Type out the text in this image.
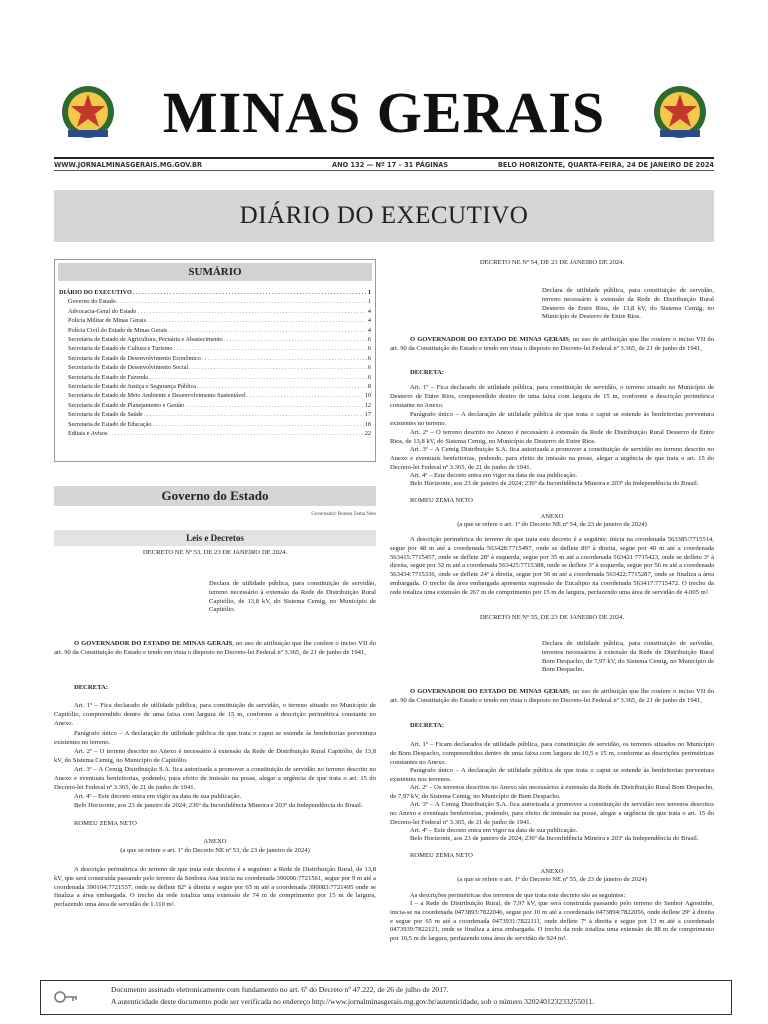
MINAS GERAIS
WWW.JORNALMINASGERAIS.MG.GOV.BR	ANO 132 — Nº 17 – 31 PÁGINAS	BELO HORIZONTE, QUARTA-FEIRA, 24 DE JANEIRO DE 2024
DIÁRIO DO EXECUTIVO
SUMÁRIO
DIÁRIO DO EXECUTIVO . . .	1
Governo do Estado . . .	1
Advocacia-Geral do Estado . . .	4
Polícia Militar de Minas Gerais . . .	4
Polícia Civil do Estado de Minas Gerais . . .	4
Secretaria de Estado de Agricultura, Pecuária e Abastecimento . . .	6
Secretaria de Estado de Cultura e Turismo . . .	6
Secretaria de Estado de Desenvolvimento Econômico . . .	6
Secretaria de Estado de Desenvolvimento Social . . .	6
Secretaria de Estado de Fazenda . . .	6
Secretaria de Estado de Justiça e Segurança Pública . . .	8
Secretaria de Estado de Meio Ambiente e Desenvolvimento Sustentável . . .	10
Secretaria de Estado de Planejamento e Gestão . . .	12
Secretaria de Estado de Saúde . . .	17
Secretaria de Estado de Educação . . .	18
Editais e Avisos . . .	22
Governo do Estado
Governador: Romeu Zema Neto
Leis e Decretos

DECRETO NE Nº 53, DE 23 DE JANEIRO DE 2024.

Declara de utilidade pública, para constituição de servidão, terreno necessário à extensão da Rede de Distribuição Rural Capitólio, de 13,8 kV, do Sistema Cemig, no Município de Capitólio.

O GOVERNADOR DO ESTADO DE MINAS GERAIS, no uso de atribuição que lhe confere o inciso VII do art. 90 da Constituição do Estado e tendo em vista o disposto no Decreto-lei Federal nº 3.365, de 21 de junho de 1941,

DECRETA:

Art. 1º – Fica declarado de utilidade pública, para constituição de servidão, o terreno situado no Município de Capitólio, compreendido dentro de uma faixa com largura de 15 m, conforme a descrição perimétrica constante no Anexo.

Parágrafo único – A declaração de utilidade pública de que trata o caput se estende às benfeitorias porventura existentes no terreno.

Art. 2º – O terreno descrito no Anexo é necessário à extensão da Rede de Distribuição Rural Capitólio, de 13,8 kV, do Sistema Cemig, no Município de Capitólio.

Art. 3º – A Cemig Distribuição S.A. fica autorizada a promover a constituição de servidão no terreno descrito no Anexo e eventuais benfeitorias, podendo, para efeito de imissão na posse, alegar a urgência de que trata o art. 15 do Decreto-lei Federal nº 3.365, de 21 de junho de 1941.

Art. 4º – Este decreto entra em vigor na data de sua publicação.

Belo Horizonte, aos 23 de janeiro de 2024; 236º da Inconfidência Mineira e 203º da Independência do Brasil.

ROMEU ZEMA NETO

ANEXO

(a que se refere o art. 1º do Decreto NE nº 53, de 23 de janeiro de 2024)

A descrição perimétrica do terreno de que trata este decreto é a seguinte: a Rede de Distribuição Rural, de 13,8 kV, que será construída passando pelo terreno da Senhora Ana inicia na coordenada 390096:7721561, segue por 9 m até a coordenada 390104:7721557, onde se deflete 82º à direita e segue por 65 m até a coordenada 390083:7721495 onde se finaliza a área embargada. O trecho da rede totaliza uma extensão de 74 m de comprimento por 15 m de largura, perfazendo uma área de servidão de 1.110 m².

DECRETO NE Nº 54, DE 23 DE JANEIRO DE 2024.

Declara de utilidade pública, para constituição de servidão, terreno necessário à extensão da Rede de Distribuição Rural Desterro de Entre Rios, de 13,8 kV, do Sistema Cemig, no Município de Desterro de Entre Rios.

O GOVERNADOR DO ESTADO DE MINAS GERAIS, no uso de atribuição que lhe confere o inciso VII do art. 90 da Constituição do Estado e tendo em vista o disposto no Decreto-lei Federal nº 3.365, de 21 de junho de 1941,

DECRETA:

Art. 1º – Fica declarado de utilidade pública, para constituição de servidão, o terreno situado no Município de Desterro de Entre Rios, compreendido dentro de uma faixa com largura de 15 m, conforme a descrição perimétrica constante no Anexo.

Parágrafo único – A declaração de utilidade pública de que trata o caput se estende às benfeitorias porventura existentes no terreno.

Art. 2º – O terreno descrito no Anexo é necessário à extensão da Rede de Distribuição Rural Desterro de Entre Rios, de 13,8 kV, do Sistema Cemig, no Município de Desterro de Entre Rios.

Art. 3º – A Cemig Distribuição S.A. fica autorizada a promover a constituição de servidão no terreno descrito no Anexo e eventuais benfeitorias, podendo, para efeito de imissão na posse, alegar a urgência de que trata o art. 15 do Decreto-lei Federal nº 3.365, de 21 de junho de 1941.

Art. 4º – Este decreto entra em vigor na data de sua publicação.

Belo Horizonte, aos 23 de janeiro de 2024; 236º da Inconfidência Mineira e 203º da Independência do Brasil.

ROMEU ZEMA NETO

ANEXO

(a que se refere o art. 1º do Decreto NE nº 54, de 23 de janeiro de 2024)

A descrição perimétrica do terreno de que trata este decreto é a seguinte: inicia na coordenada 563385:7715514, segue por 48 m até a coordenada 563428:7715497, onde se deflete 86º à direita, segue por 40 m até a coordenada 563415:7715457, onde se deflete 28º à esquerda, segue por 35 m até a coordenada 563421:7715423, onde se deflete 3º à direita, segue por 32 m até a coordenada 563425:7715388, onde se deflete 3º à esquerda, segue por 56 m até a coordenada 563434:7715336, onde se deflete 24º à direita, segue por 56 m até a coordenada 563422:7715287, onde se finaliza a área embargada. O trecho da área embargada apresenta supressão de Eucalipto na coordenada 563417:7715472. O trecho da rede totaliza uma extensão de 267 m de comprimento por 15 m de largura, perfazendo uma área de servidão de 4.005 m².

DECRETO NE Nº 55, DE 23 DE JANEIRO DE 2024.

Declara de utilidade pública, para constituição de servidão, terrenos necessários à extensão da Rede de Distribuição Rural Bom Despacho, de 7,97 kV, do Sistema Cemig, no Município de Bom Despacho.

O GOVERNADOR DO ESTADO DE MINAS GERAIS, no uso de atribuição que lhe confere o inciso VII do art. 90 da Constituição do Estado e tendo em vista o disposto no Decreto-lei Federal nº 3.365, de 21 de junho de 1941,

DECRETA:

Art. 1º – Ficam declarados de utilidade pública, para constituição de servidão, os terrenos situados no Município de Bom Despacho, compreendidos dentro de uma faixa com largura de 10,5 e 15 m, conforme as descrições perimétricas constantes no Anexo.

Parágrafo único – A declaração de utilidade pública de que trata o caput se estende às benfeitorias porventura existentes nos terrenos.

Art. 2º – Os terrenos descritos no Anexo são necessários à extensão da Rede de Distribuição Rural Bom Despacho, de 7,97 kV, do Sistema Cemig, no Município de Bom Despacho.

Art. 3º – A Cemig Distribuição S.A. fica autorizada a promover a constituição de servidão nos terrenos descritos no Anexo e eventuais benfeitorias, podendo, para efeito de imissão na posse, alegar a urgência de que trata o art. 15 do Decreto-lei Federal nº 3.365, de 21 de junho de 1941.

Art. 4º – Este decreto entra em vigor na data de sua publicação.

Belo Horizonte, aos 23 de janeiro de 2024; 236º da Inconfidência Mineira e 203º da Independência do Brasil.

ROMEU ZEMA NETO

ANEXO

(a que se refere o art. 1º do Decreto NE nº 55, de 23 de janeiro de 2024)

As descrições perimétricas dos terrenos de que trata este decreto são as seguintes:

I – a Rede de Distribuição Rural, de 7,97 kV, que será construída passando pelo terreno do Senhor Agostinho, inicia-se na coordenada 0473893:7822046, segue por 10 m até a coordenada 0473894:7822056, onde deflete 29º à direita e segue por 65 m até a coordenada 0473931:7822111, onde deflete 7º à direita e segue por 13 m até a coordenada 0473939:7822121, onde se finaliza a área embargada. O trecho da rede totaliza uma extensão de 88 m de comprimento por 10,5 m de largura, perfazendo uma área de servidão de 924 m².

Documento assinado eletronicamente com fundamento no art. 6º do Decreto nº 47.222, de 26 de julho de 2017.
A autenticidade deste documento pode ser verificada no endereço http://www.jornalminasgerais.mg.gov.br/autenticidade, sob o número 320240123233255011.
